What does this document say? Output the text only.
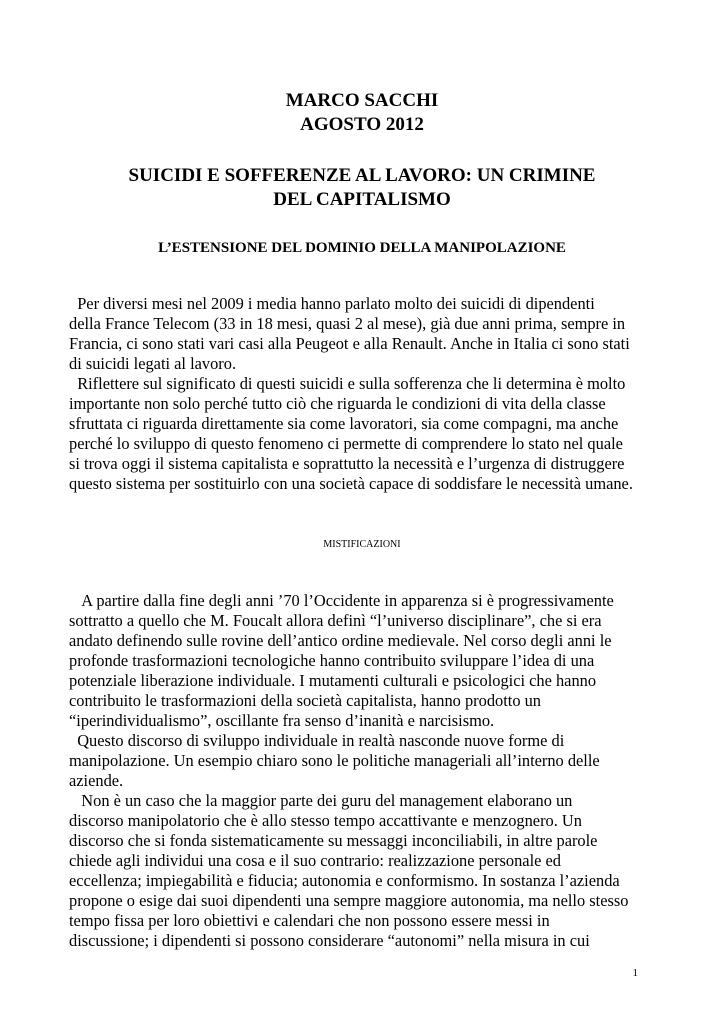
MARCO SACCHI
AGOSTO 2012
SUICIDI E SOFFERENZE AL LAVORO: UN CRIMINE
DEL CAPITALISMO
L’ESTENSIONE DEL DOMINIO DELLA MANIPOLAZIONE
Per diversi mesi nel 2009 i media hanno parlato molto dei suicidi di dipendenti
della France Telecom (33 in 18 mesi, quasi 2 al mese), già due anni prima, sempre in
Francia, ci sono stati vari casi alla Peugeot e alla Renault. Anche in Italia ci sono stati
di suicidi legati al lavoro.
Riflettere sul significato di questi suicidi e sulla sofferenza che li determina è molto
importante non solo perché tutto ciò che riguarda le condizioni di vita della classe
sfruttata ci riguarda direttamente sia come lavoratori, sia come compagni, ma anche
perché lo sviluppo di questo fenomeno ci permette di comprendere lo stato nel quale
si trova oggi il sistema capitalista e soprattutto la necessità e l’urgenza di distruggere
questo sistema per sostituirlo con una società capace di soddisfare le necessità umane.
MISTIFICAZIONI
A partire dalla fine degli anni ’70 l’Occidente in apparenza si è progressivamente
sottratto a quello che M. Foucalt allora definì “l’universo disciplinare”, che si era
andato definendo sulle rovine dell’antico ordine medievale. Nel corso degli anni le
profonde trasformazioni tecnologiche hanno contribuito sviluppare l’idea di una
potenziale liberazione individuale. I mutamenti culturali e psicologici che hanno
contribuito le trasformazioni della società capitalista, hanno prodotto un
“iperindividualismo”, oscillante fra senso d’inanità e narcisismo.
Questo discorso di sviluppo individuale in realtà nasconde nuove forme di
manipolazione. Un esempio chiaro sono le politiche manageriali all’interno delle
aziende.
Non è un caso che la maggior parte dei guru del management elaborano un
discorso manipolatorio che è allo stesso tempo accattivante e menzognero. Un
discorso che si fonda sistematicamente su messaggi inconciliabili, in altre parole
chiede agli individui una cosa e il suo contrario: realizzazione personale ed
eccellenza; impiegabilità e fiducia; autonomia e conformismo. In sostanza l’azienda
propone o esige dai suoi dipendenti una sempre maggiore autonomia, ma nello stesso
tempo fissa per loro obiettivi e calendari che non possono essere messi in
discussione; i dipendenti si possono considerare “autonomi” nella misura in cui
1
